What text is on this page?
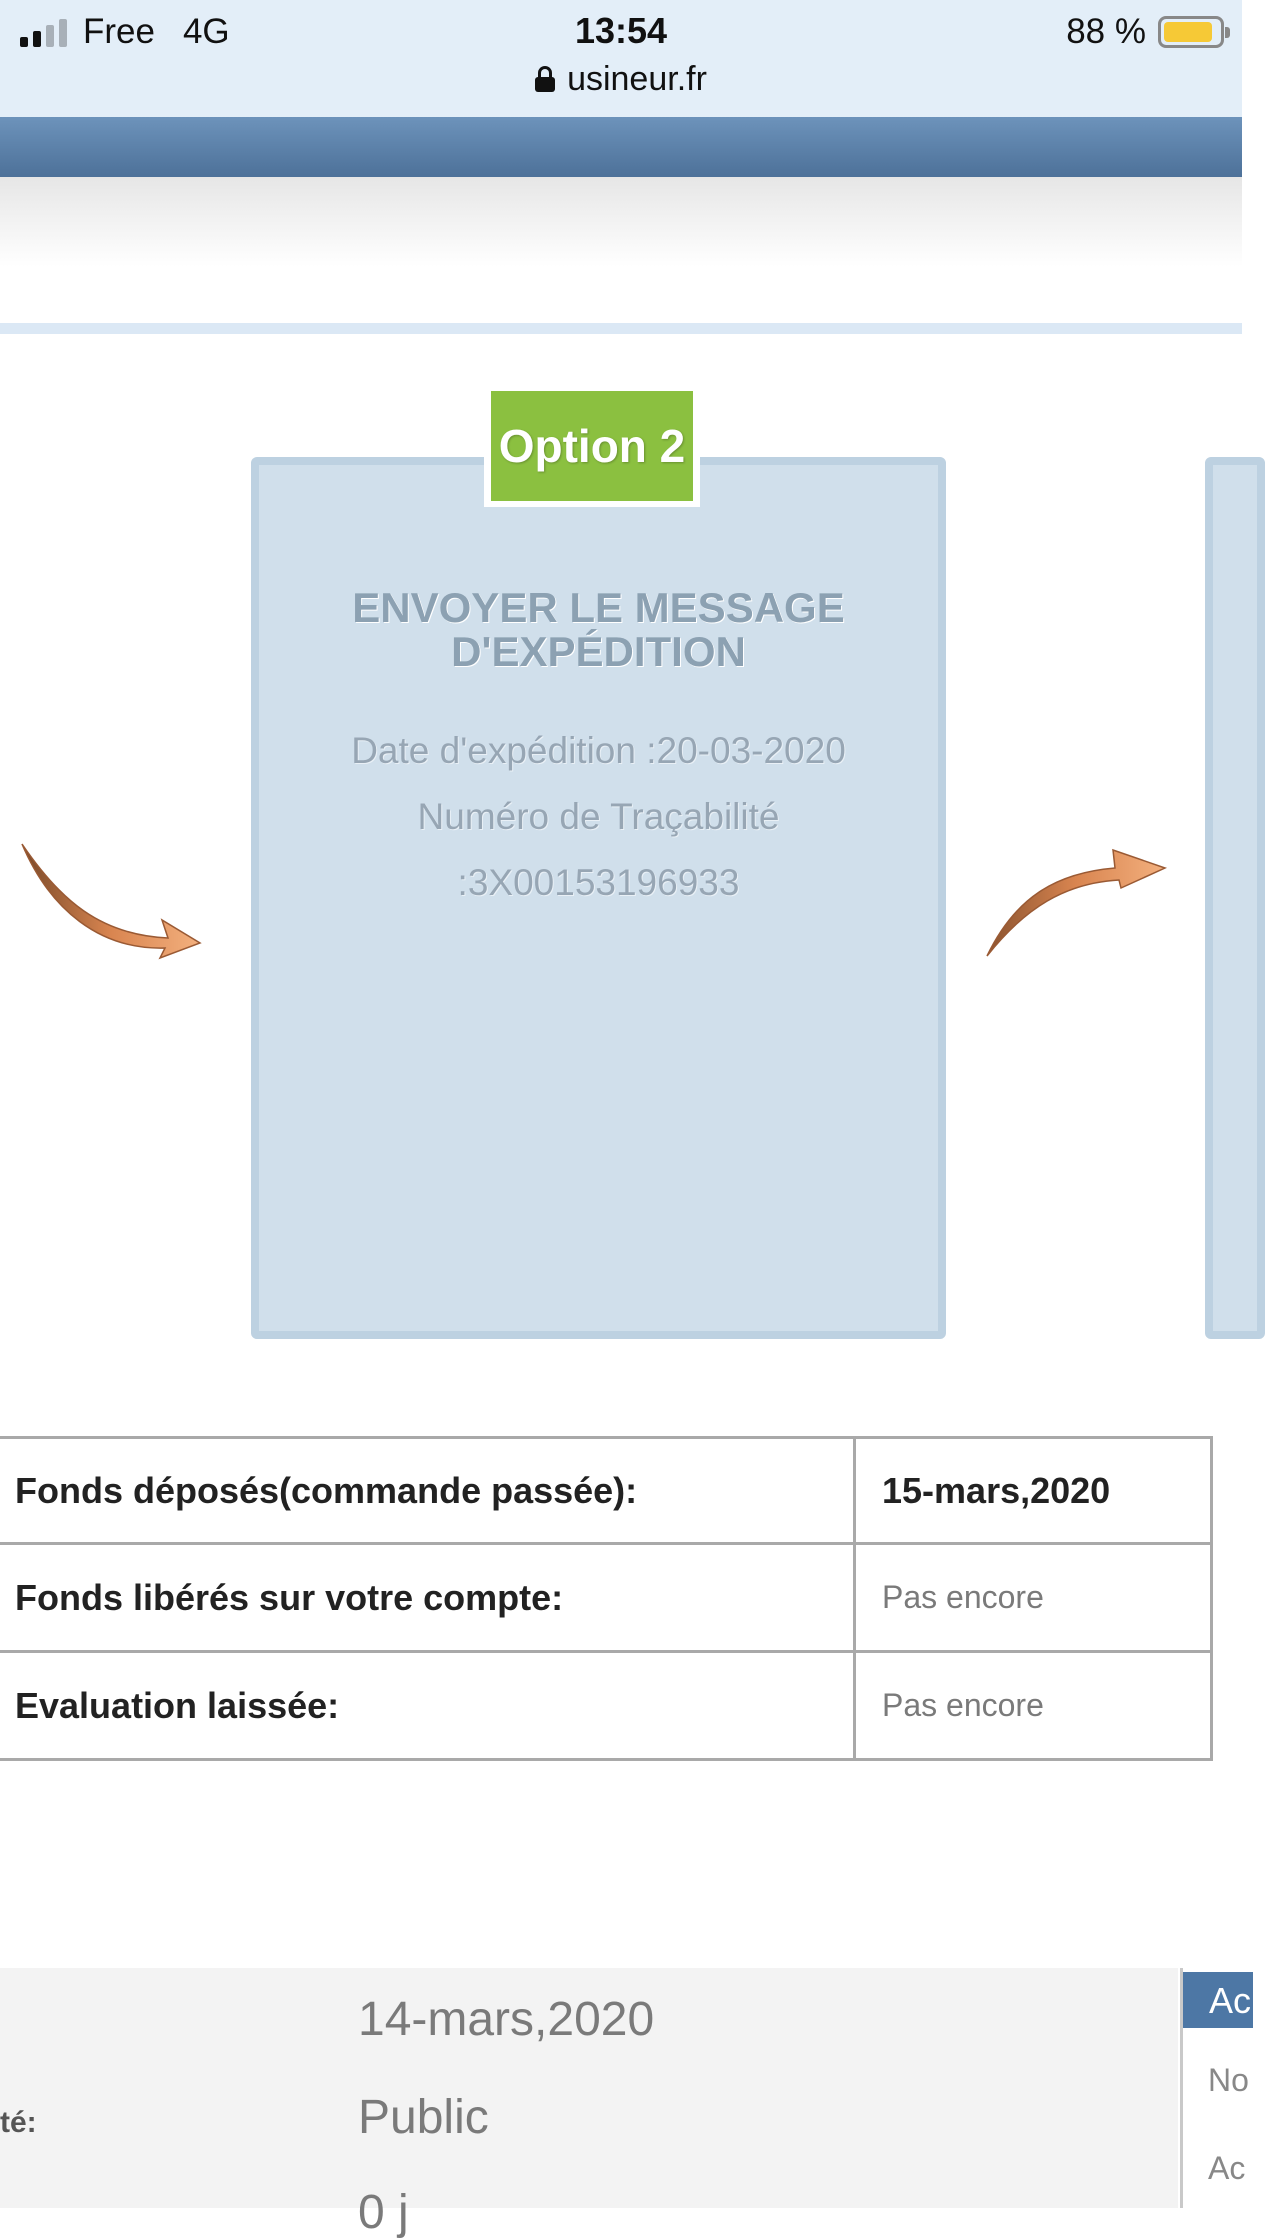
Free 4G	13:54
usineur.fr
88 %
Option 2
ENVOYER LE MESSAGE
D'EXPÉDITION
Date d'expédition :20-03-2020
Numéro de Traçabilité
:3X00153196933
Fonds déposés(commande passée):	15-mars,2020
Fonds libérés sur votre compte:	Pas encore
Evaluation laissée:	Pas encore
14-mars,2020
té:	Public
0 j
Ac
No
Ac
